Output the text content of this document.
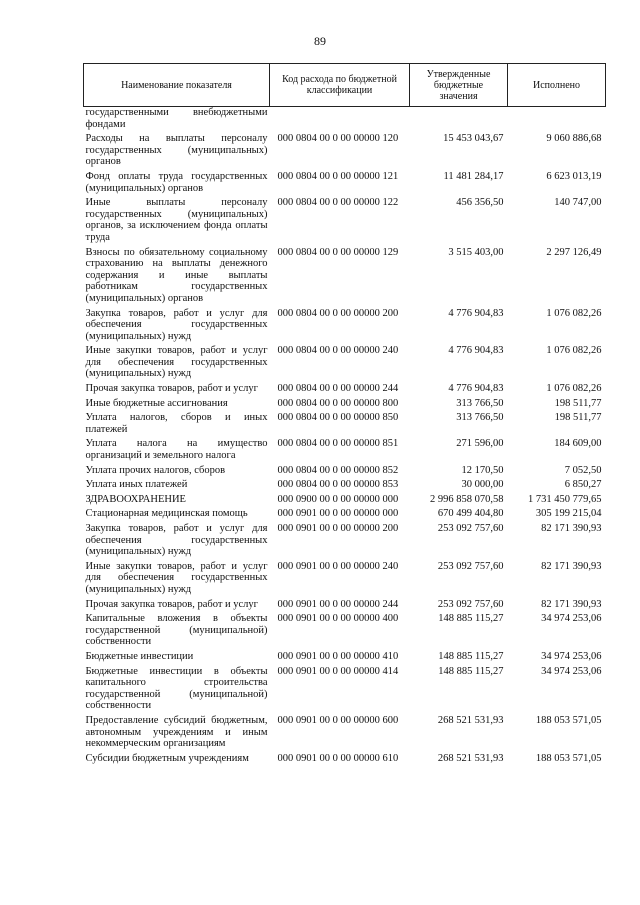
89
Наименование показателя	Код расхода по бюджетной классификации	Утвержденные бюджетные значения	Исполнено
государственными внебюджетными фондами			
Расходы на выплаты персоналу государственных (муниципальных) органов	000 0804 00 0 00 00000 120	15 453 043,67	9 060 886,68
Фонд оплаты труда государственных (муниципальных) органов	000 0804 00 0 00 00000 121	11 481 284,17	6 623 013,19
Иные выплаты персоналу государственных (муниципальных) органов, за исключением фонда оплаты труда	000 0804 00 0 00 00000 122	456 356,50	140 747,00
Взносы по обязательному социальному страхованию на выплаты денежного содержания и иные выплаты работникам государственных (муниципальных) органов	000 0804 00 0 00 00000 129	3 515 403,00	2 297 126,49
Закупка товаров, работ и услуг для обеспечения государственных (муниципальных) нужд	000 0804 00 0 00 00000 200	4 776 904,83	1 076 082,26
Иные закупки товаров, работ и услуг для обеспечения государственных (муниципальных) нужд	000 0804 00 0 00 00000 240	4 776 904,83	1 076 082,26
Прочая закупка товаров, работ и услуг	000 0804 00 0 00 00000 244	4 776 904,83	1 076 082,26
Иные бюджетные ассигнования	000 0804 00 0 00 00000 800	313 766,50	198 511,77
Уплата налогов, сборов и иных платежей	000 0804 00 0 00 00000 850	313 766,50	198 511,77
Уплата налога на имущество организаций и земельного налога	000 0804 00 0 00 00000 851	271 596,00	184 609,00
Уплата прочих налогов, сборов	000 0804 00 0 00 00000 852	12 170,50	7 052,50
Уплата иных платежей	000 0804 00 0 00 00000 853	30 000,00	6 850,27
ЗДРАВООХРАНЕНИЕ	000 0900 00 0 00 00000 000	2 996 858 070,58	1 731 450 779,65
Стационарная медицинская помощь	000 0901 00 0 00 00000 000	670 499 404,80	305 199 215,04
Закупка товаров, работ и услуг для обеспечения государственных (муниципальных) нужд	000 0901 00 0 00 00000 200	253 092 757,60	82 171 390,93
Иные закупки товаров, работ и услуг для обеспечения государственных (муниципальных) нужд	000 0901 00 0 00 00000 240	253 092 757,60	82 171 390,93
Прочая закупка товаров, работ и услуг	000 0901 00 0 00 00000 244	253 092 757,60	82 171 390,93
Капитальные вложения в объекты государственной (муниципальной) собственности	000 0901 00 0 00 00000 400	148 885 115,27	34 974 253,06
Бюджетные инвестиции	000 0901 00 0 00 00000 410	148 885 115,27	34 974 253,06
Бюджетные инвестиции в объекты капитального строительства государственной (муниципальной) собственности	000 0901 00 0 00 00000 414	148 885 115,27	34 974 253,06
Предоставление субсидий бюджетным, автономным учреждениям и иным некоммерческим организациям	000 0901 00 0 00 00000 600	268 521 531,93	188 053 571,05
Субсидии бюджетным учреждениям	000 0901 00 0 00 00000 610	268 521 531,93	188 053 571,05
